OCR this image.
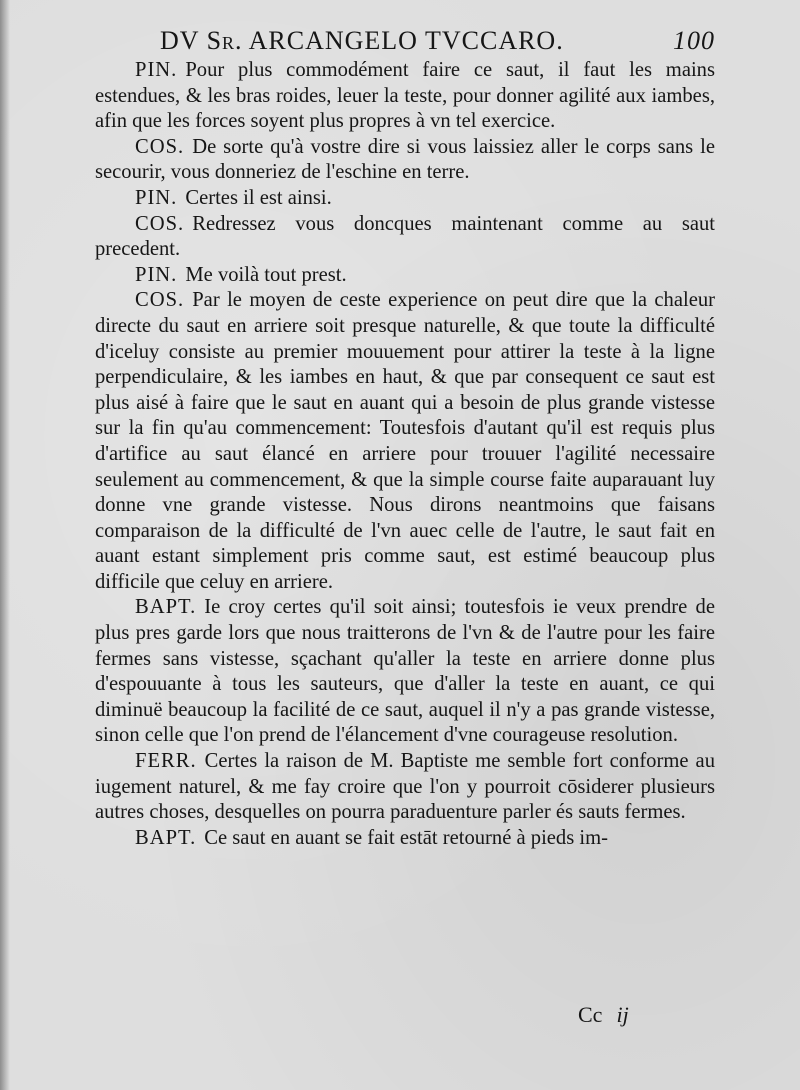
DV Sr. ARCANGELO TVCCARO.	100

PIN. Pour plus commodément faire ce saut, il faut les mains estendues, & les bras roides, leuer la teste, pour donner agilité aux iambes, afin que les forces soyent plus propres à vn tel exercice.

COS. De sorte qu'à vostre dire si vous laissiez aller le corps sans le secourir, vous donneriez de l'eschine en terre.

PIN. Certes il est ainsi.

COS. Redressez vous doncques maintenant comme au saut precedent.

PIN. Me voilà tout prest.

COS. Par le moyen de ceste experience on peut dire que la chaleur directe du saut en arriere soit presque naturelle, & que toute la difficulté d'iceluy consiste au premier mouuement pour attirer la teste à la ligne perpendiculaire, & les iambes en haut, & que par consequent ce saut est plus aisé à faire que le saut en auant qui a besoin de plus grande vistesse sur la fin qu'au commencement: Toutesfois d'autant qu'il est requis plus d'artifice au saut élancé en arriere pour trouuer l'agilité necessaire seulement au commencement, & que la simple course faite auparauant luy donne vne grande vistesse. Nous dirons neantmoins que faisans comparaison de la difficulté de l'vn auec celle de l'autre, le saut fait en auant estant simplement pris comme saut, est estimé beaucoup plus difficile que celuy en arriere.

BAPT. Ie croy certes qu'il soit ainsi; toutesfois ie veux prendre de plus pres garde lors que nous traitterons de l'vn & de l'autre pour les faire fermes sans vistesse, sçachant qu'aller la teste en arriere donne plus d'espouuante à tous les sauteurs, que d'aller la teste en auant, ce qui diminuë beaucoup la facilité de ce saut, auquel il n'y a pas grande vistesse, sinon celle que l'on prend de l'élancement d'vne courageuse resolution.

FERR. Certes la raison de M. Baptiste me semble fort conforme au iugement naturel, & me fay croire que l'on y pourroit cōsiderer plusieurs autres choses, desquelles on pourra paraduenture parler és sauts fermes.

BAPT. Ce saut en auant se fait estāt retourné à pieds im-

Cc ij
